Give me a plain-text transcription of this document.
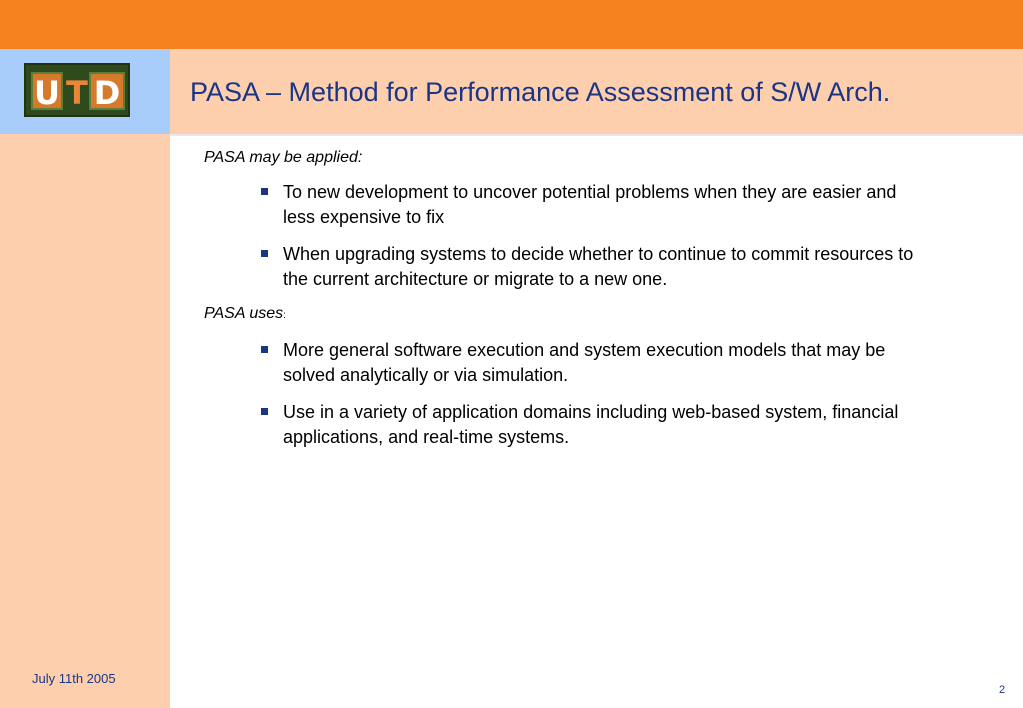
U T D	PASA – Method for Performance Assessment of S/W Arch.

PASA may be applied:

To new development to uncover potential problems when they are easier and less expensive to fix
When upgrading systems to decide whether to continue to commit resources to the current architecture or migrate to a new one.

PASA uses:

More general software execution and system execution models that may be solved analytically or via simulation.
Use in a variety of application domains including web-based system, financial applications, and real-time systems.
July 11th 2005
2
